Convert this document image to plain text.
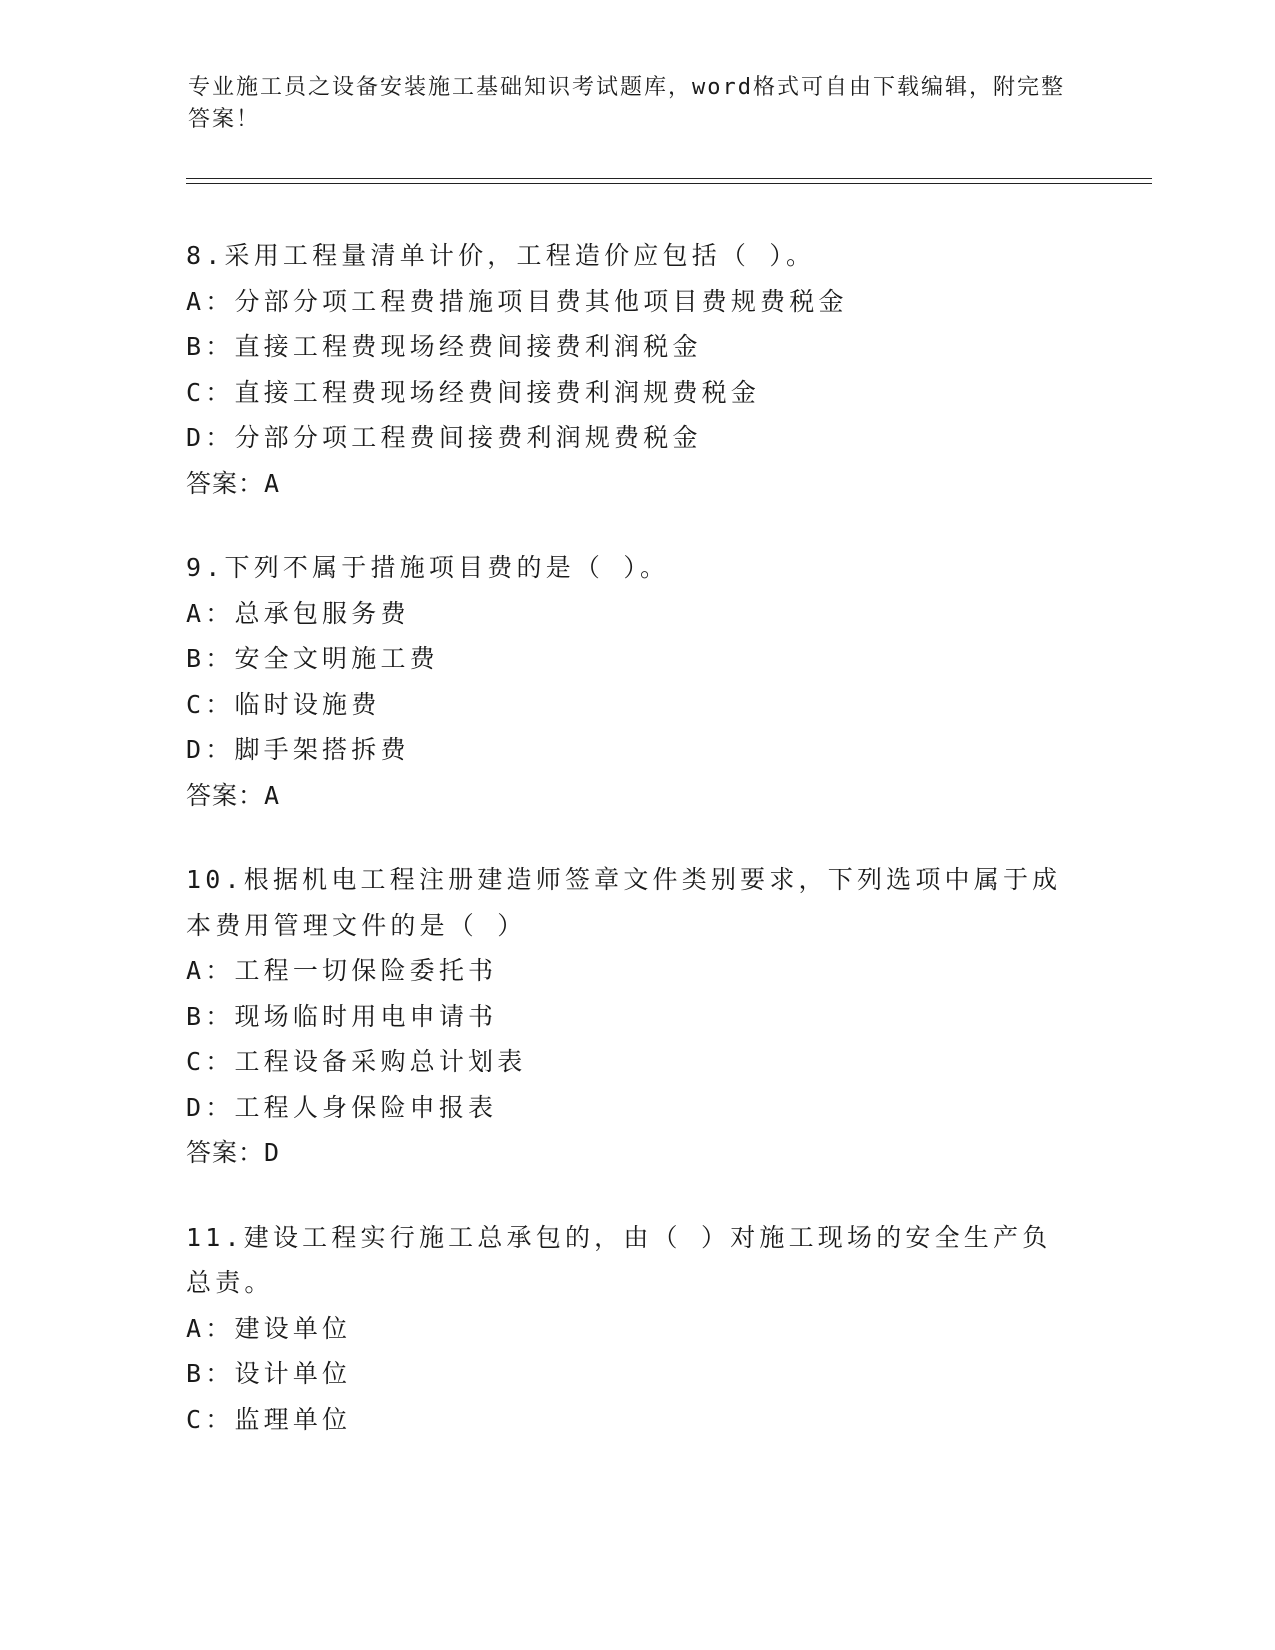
专业施工员之设备安装施工基础知识考试题库，word格式可自由下载编辑，附完整答案！
8.采用工程量清单计价，工程造价应包括（ ）。
A：分部分项工程费措施项目费其他项目费规费税金
B：直接工程费现场经费间接费利润税金
C：直接工程费现场经费间接费利润规费税金
D：分部分项工程费间接费利润规费税金
答案：A
9.下列不属于措施项目费的是（ ）。
A：总承包服务费
B：安全文明施工费
C：临时设施费
D：脚手架搭拆费
答案：A
10.根据机电工程注册建造师签章文件类别要求，下列选项中属于成本费用管理文件的是（ ）
A：工程一切保险委托书
B：现场临时用电申请书
C：工程设备采购总计划表
D：工程人身保险申报表
答案：D
11.建设工程实行施工总承包的，由（ ）对施工现场的安全生产负总责。
A：建设单位
B：设计单位
C：监理单位
